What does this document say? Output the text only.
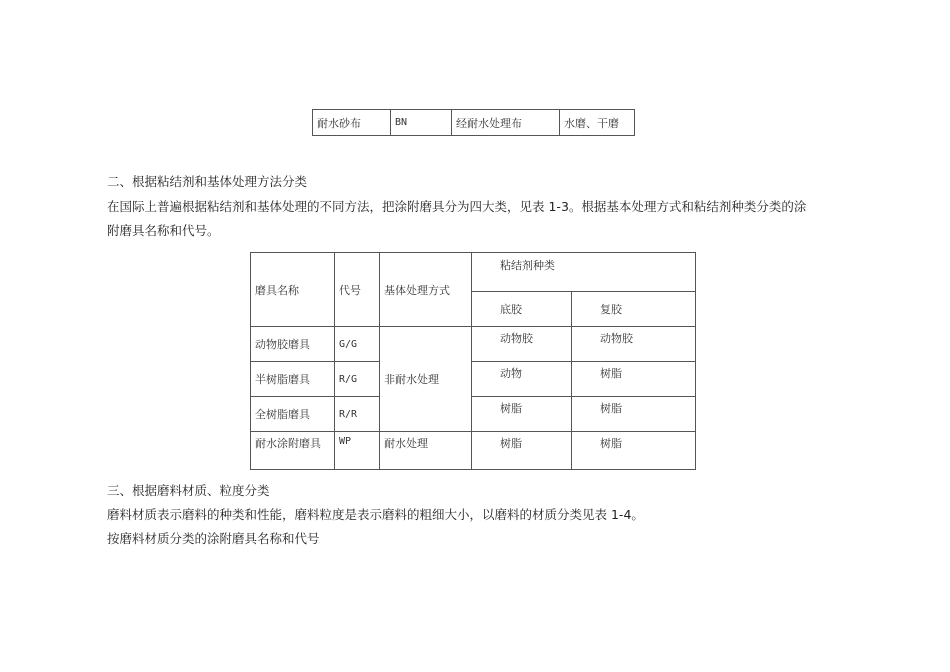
耐水砂布	BN	经耐水处理布	水磨、干磨
二、根据粘结剂和基体处理方法分类
在国际上普遍根据粘结剂和基体处理的不同方法，把涂附磨具分为四大类，见表 1-3。根据基本处理方式和粘结剂种类分类的涂
附磨具名称和代号。
磨具名称	代号	基体处理方式	粘结剂种类	
			底胶	复胶
动物胶磨具	G/G	非耐水处理	动物胶	动物胶
半树脂磨具	R/G		动物	树脂
全树脂磨具	R/R		树脂	树脂
耐水涂附磨具	WP	耐水处理	树脂	树脂
三、根据磨料材质、粒度分类
磨料材质表示磨料的种类和性能，磨料粒度是表示磨料的粗细大小，以磨料的材质分类见表 1-4。
按磨料材质分类的涂附磨具名称和代号
